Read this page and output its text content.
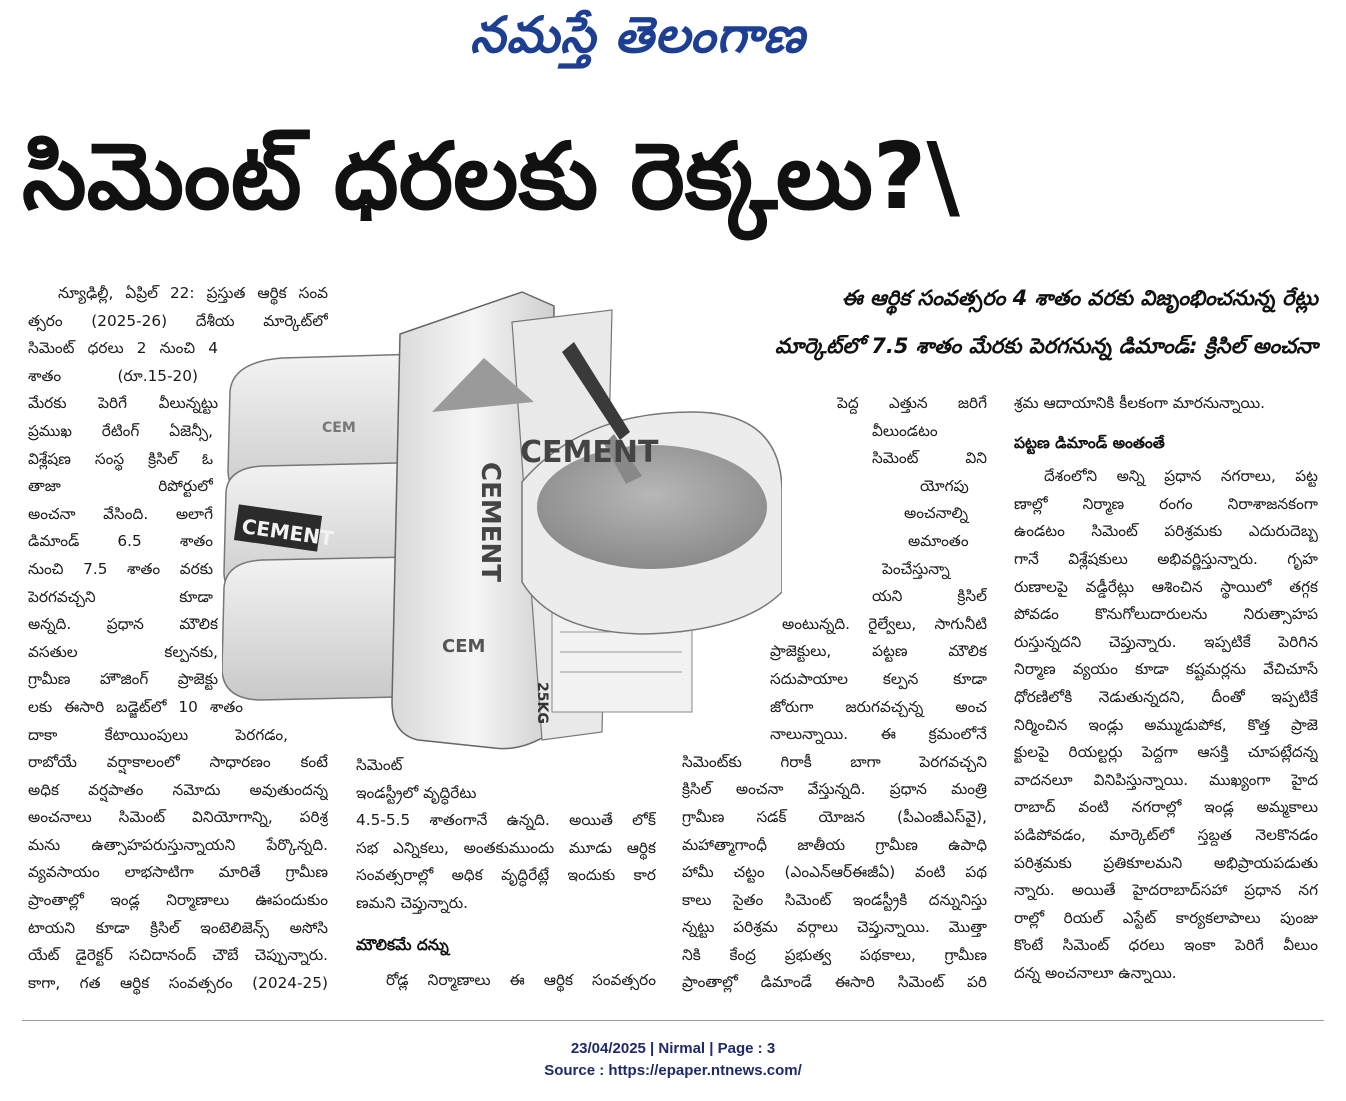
నమస్తే తెలంగాణ
సిమెంట్ ధరలకు రెక్కలు?\
ఈ ఆర్థిక సంవత్సరం 4 శాతం వరకు విజృంభించనున్న రేట్లు
మార్కెట్‌లో 7.5 శాతం మేరకు పెరగనున్న డిమాండ్: క్రిసిల్ అంచనా
CEMENT	CEMENT
25KG
CEMENT
CEM
CEM

న్యూఢిల్లీ, ఏప్రిల్ 22: ప్రస్తుత ఆర్థిక సంవ

త్సరం (2025-26) దేశీయ మార్కెట్‌లో

సిమెంట్ ధరలు 2 నుంచి 4

శాతం (రూ.15-20)

మేరకు పెరిగే వీలున్నట్టు

ప్రముఖ రేటింగ్ ఏజెన్సీ,

విశ్లేషణ సంస్థ క్రిసిల్ ఓ

తాజా రిపోర్టులో

అంచనా వేసింది. అలాగే

డిమాండ్ 6.5 శాతం

నుంచి 7.5 శాతం వరకు

పెరగవచ్చని కూడా

అన్నది. ప్రధాన మౌలిక

వసతుల కల్పనకు,

గ్రామీణ హౌజింగ్ ప్రాజెక్టు

లకు ఈసారి బడ్జెట్‌లో 10 శాతం

దాకా కేటాయింపులు పెరగడం,

రాబోయే వర్షాకాలంలో సాధారణం కంటే

అధిక వర్షపాతం నమోదు అవుతుందన్న

అంచనాలు సిమెంట్ వినియోగాన్ని, పరిశ్ర

మను ఉత్సాహపరుస్తున్నాయని పేర్కొన్నది.

వ్యవసాయం లాభసాటిగా మారితే గ్రామీణ

ప్రాంతాల్లో ఇండ్ల నిర్మాణాలు ఊపందుకుం

టాయని కూడా క్రిసిల్ ఇంటెలిజెన్స్ అసోసి

యేట్ డైరెక్టర్ సచిదానంద్ చౌబే చెప్పున్నారు.

కాగా, గత ఆర్థిక సంవత్సరం (2024-25)

సిమెంట్

ఇండస్ట్రీలో వృద్ధిరేటు

4.5-5.5 శాతంగానే ఉన్నది. అయితే లోక్

సభ ఎన్నికలు, అంతకుముందు మూడు ఆర్థిక

సంవత్సరాల్లో అధిక వృద్ధిరేట్లే ఇందుకు కార

ణమని చెప్తున్నారు.

మౌలికమే దన్ను

రోడ్ల నిర్మాణాలు ఈ ఆర్థిక సంవత్సరం

పెద్ద ఎత్తున జరిగే

వీలుండటం

సిమెంట్ విని

యోగపు

అంచనాల్ని

అమాంతం

పెంచేస్తున్నా

యని క్రిసిల్

అంటున్నది. రైల్వేలు, సాగునీటి

ప్రాజెక్టులు, పట్టణ మౌలిక

సదుపాయాల కల్పన కూడా

జోరుగా జరుగవచ్చన్న అంచ

నాలున్నాయి. ఈ క్రమంలోనే

సిమెంట్‌కు గిరాకీ బాగా పెరగవచ్చని

క్రిసిల్ అంచనా వేస్తున్నది. ప్రధాన మంత్రి

గ్రామీణ సడక్ యోజన (పీఎంజీఎస్‌వై),

మహాత్మాగాంధీ జాతీయ గ్రామీణ ఉపాధి

హామీ చట్టం (ఎంఎన్‌ఆర్‌ఈజీఏ) వంటి పథ

కాలు సైతం సిమెంట్ ఇండస్ట్రీకి దన్నునిస్తు

న్నట్టు పరిశ్రమ వర్గాలు చెప్తున్నాయి. మొత్తా

నికి కేంద్ర ప్రభుత్వ పథకాలు, గ్రామీణ

ప్రాంతాల్లో డిమాండే ఈసారి సిమెంట్ పరి

శ్రమ ఆదాయానికి కీలకంగా మారనున్నాయి.

పట్టణ డిమాండ్ అంతంతే

దేశంలోని అన్ని ప్రధాన నగరాలు, పట్ట

ణాల్లో నిర్మాణ రంగం నిరాశాజనకంగా

ఉండటం సిమెంట్ పరిశ్రమకు ఎదురుదెబ్బ

గానే విశ్లేషకులు అభివర్ణిస్తున్నారు. గృహ

రుణాలపై వడ్డీరేట్లు ఆశించిన స్థాయిలో తగ్గక

పోవడం కొనుగోలుదారులను నిరుత్సాహప

రుస్తున్నదని చెప్తున్నారు. ఇప్పటికే పెరిగిన

నిర్మాణ వ్యయం కూడా కష్టమర్లను వేచిచూసే

ధోరణిలోకి నెడుతున్నదని, దీంతో ఇప్పటికే

నిర్మించిన ఇండ్లు అమ్ముడుపోక, కొత్త ప్రాజె

క్టులపై రియల్టర్లు పెద్దగా ఆసక్తి చూపట్లేదన్న

వాదనలూ వినిపిస్తున్నాయి. ముఖ్యంగా హైద

రాబాద్ వంటి నగరాల్లో ఇండ్ల అమ్మకాలు

పడిపోవడం, మార్కెట్‌లో స్తబ్దత నెలకొనడం

పరిశ్రమకు ప్రతికూలమని అభిప్రాయపడుతు

న్నారు. అయితే హైదరాబాద్‌సహా ప్రధాన నగ

రాల్లో రియల్ ఎస్టేట్ కార్యకలాపాలు పుంజు

కొంటే సిమెంట్ ధరలు ఇంకా పెరిగే వీలుం

దన్న అంచనాలూ ఉన్నాయి.

23/04/2025 | Nirmal | Page : 3
Source : https://epaper.ntnews.com/
